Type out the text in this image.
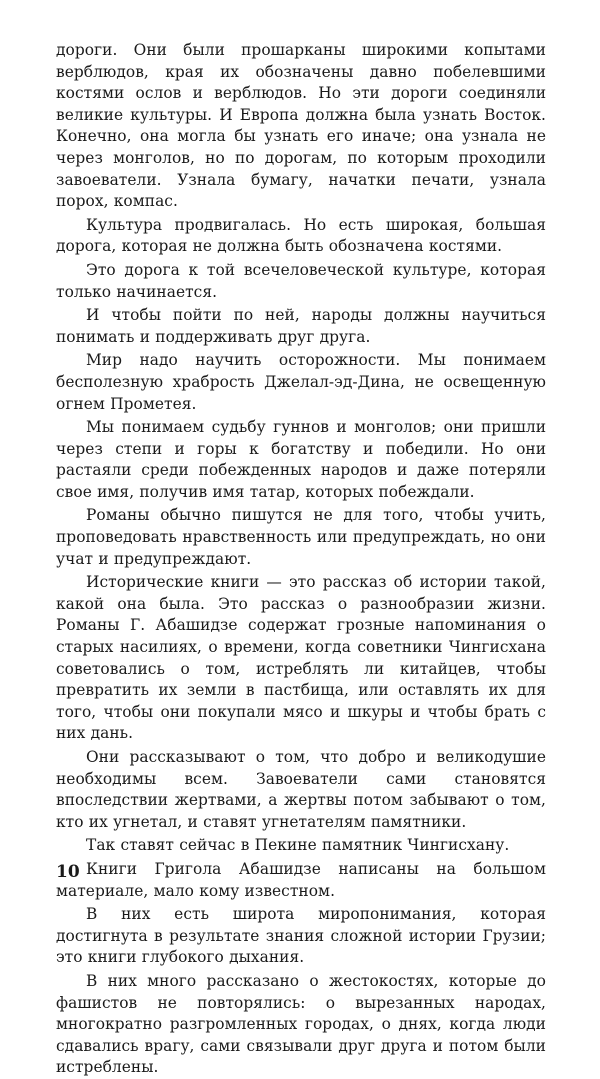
дороги. Они были прошарканы широкими копытами верблюдов, края их обозначены давно побелевшими костями ослов и верблюдов. Но эти дороги соединяли великие культуры. И Европа должна была узнать Восток. Конечно, она могла бы узнать его иначе; она узнала не через монголов, но по дорогам, по которым проходили завоеватели. Узнала бумагу, начатки печати, узнала порох, компас.

Культура продвигалась. Но есть широкая, большая дорога, которая не должна быть обозначена костями.

Это дорога к той всечеловеческой культуре, которая только начинается.

И чтобы пойти по ней, народы должны научиться понимать и поддерживать друг друга.

Мир надо научить осторожности. Мы понимаем бесполезную храбрость Джелал-эд-Дина, не освещенную огнем Прометея.

Мы понимаем судьбу гуннов и монголов; они пришли через степи и горы к богатству и победили. Но они растаяли среди побежденных народов и даже потеряли свое имя, получив имя татар, которых побеждали.

Романы обычно пишутся не для того, чтобы учить, проповедовать нравственность или предупреждать, но они учат и предупреждают.

Исторические книги — это рассказ об истории такой, какой она была. Это рассказ о разнообразии жизни. Романы Г. Абашидзе содержат грозные напоминания о старых насилиях, о времени, когда советники Чингисхана советовались о том, истреблять ли китайцев, чтобы превратить их земли в пастбища, или оставлять их для того, чтобы они покупали мясо и шкуры и чтобы брать с них дань.

Они рассказывают о том, что добро и великодушие необходимы всем. Завоеватели сами становятся впоследствии жертвами, а жертвы потом забывают о том, кто их угнетал, и ставят угнетателям памятники.

Так ставят сейчас в Пекине памятник Чингисхану.

Книги Григола Абашидзе написаны на большом материале, мало кому известном.

В них есть широта миропонимания, которая достигнута в результате знания сложной истории Грузии; это книги глубокого дыхания.

В них много рассказано о жестокостях, которые до фашистов не повторялись: о вырезанных народах, многократно разгромленных городах, о днях, когда люди сдавались врагу, сами связывали друг друга и потом были истреблены.

10
